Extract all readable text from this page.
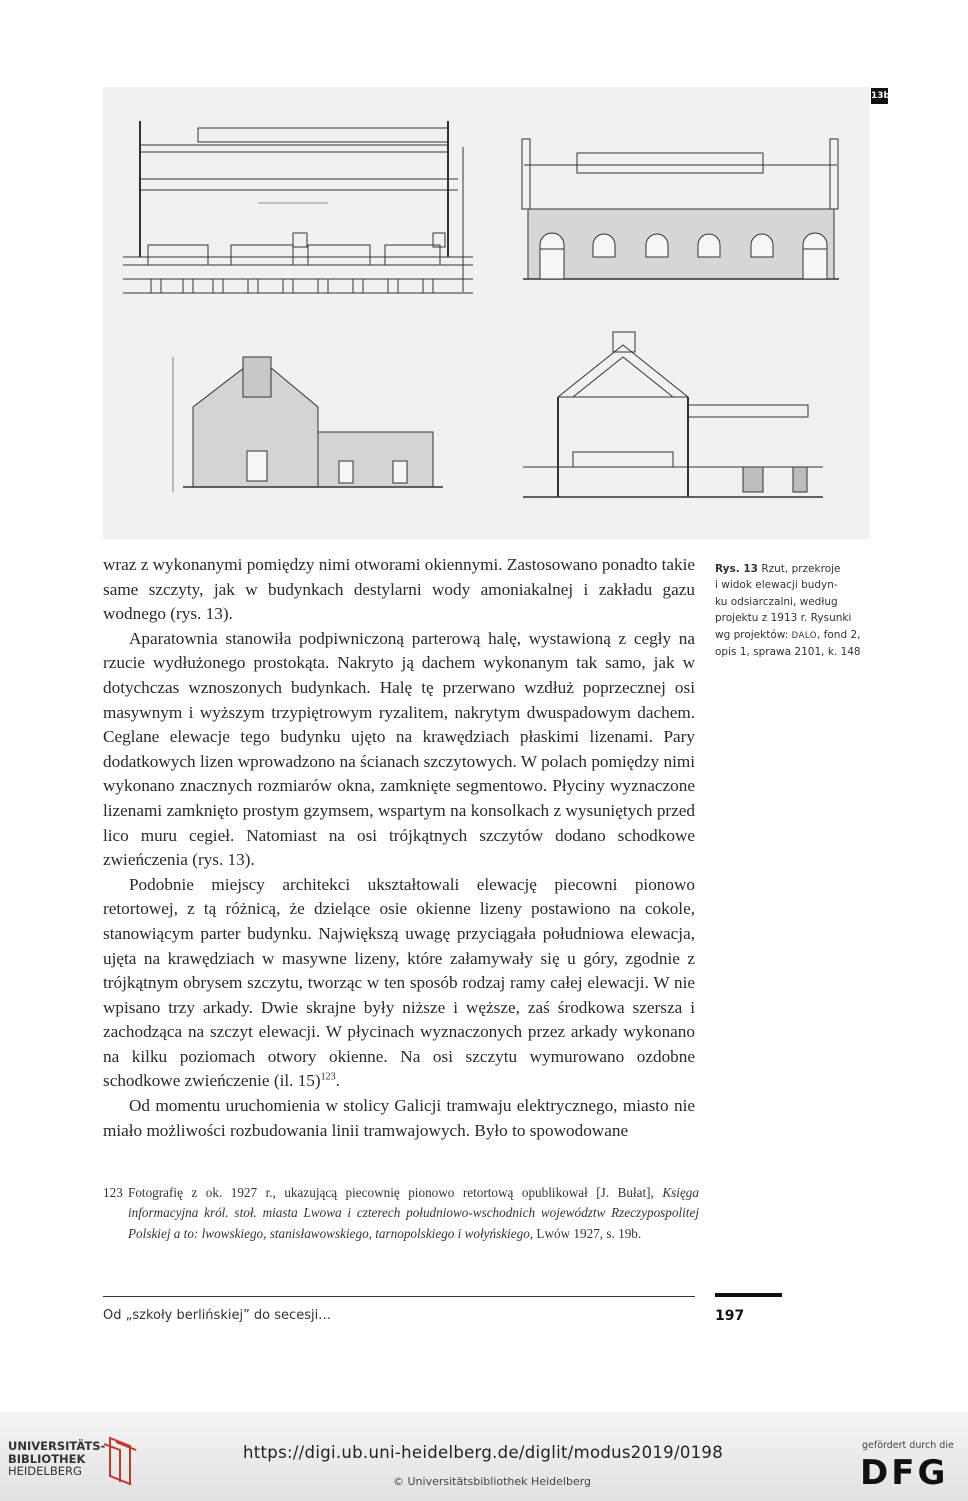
13b

wraz z wykonanymi pomiędzy nimi otworami okiennymi. Zastosowano ponadto takie same szczyty, jak w budynkach destylarni wody amoniakalnej i zakładu gazu wodnego (rys. 13).

Aparatownia stanowiła podpiwniczoną parterową halę, wystawioną z cegły na rzucie wydłużonego prostokąta. Nakryto ją dachem wykonanym tak samo, jak w dotychczas wznoszonych budynkach. Halę tę przerwano wzdłuż poprzecznej osi masywnym i wyższym trzypiętrowym ryzalitem, nakrytym dwuspadowym dachem. Ceglane elewacje tego budynku ujęto na krawędziach płaskimi lizenami. Pary dodatkowych lizen wprowadzono na ścianach szczytowych. W polach pomiędzy nimi wykonano znacznych rozmiarów okna, zamknięte segmentowo. Płyciny wyznaczone lizenami zamknięto prostym gzymsem, wspartym na konsolkach z wysuniętych przed lico muru cegieł. Natomiast na osi trójkątnych szczytów dodano schodkowe zwieńczenia (rys. 13).

Podobnie miejscy architekci ukształtowali elewację piecowni pionowo retortowej, z tą różnicą, że dzielące osie okienne lizeny postawiono na cokole, stanowiącym parter budynku. Największą uwagę przyciągała południowa elewacja, ujęta na krawędziach w masywne lizeny, które załamywały się u góry, zgodnie z trójkątnym obrysem szczytu, tworząc w ten sposób rodzaj ramy całej elewacji. W nie wpisano trzy arkady. Dwie skrajne były niższe i węższe, zaś środkowa szersza i zachodząca na szczyt elewacji. W płycinach wyznaczonych przez arkady wykonano na kilku poziomach otwory okienne. Na osi szczytu wymurowano ozdobne schodkowe zwieńczenie (il. 15)$^{123}$.

Od momentu uruchomienia w stolicy Galicji tramwaju elektrycznego, miasto nie miało możliwości rozbudowania linii tramwajowych. Było to spowodowane

Rys. 13 Rzut, przekroje
i widok elewacji budyn-
ku odsiarczalni, według
projektu z 1913 r. Rysunki
wg projektów: DALO, fond 2,
opis 1, sprawa 2101, k. 148
123 Fotografię z ok. 1927 r., ukazującą piecownię pionowo retortową opublikował [J. Bułat], Księga informacyjna król. stoł. miasta Lwowa i czterech południowo-wschodnich województw Rzeczypospolitej Polskiej a to: lwowskiego, stanisławowskiego, tarnopolskiego i wołyńskiego, Lwów 1927, s. 19b.
Od „szkoły berlińskiej” do secesji…	197
UNIVERSITÄTS-
BIBLIOTHEK
HEIDELBERG
https://digi.ub.uni-heidelberg.de/diglit/modus2019/0198
© Universitätsbibliothek Heidelberg
gefördert durch die
DFG
